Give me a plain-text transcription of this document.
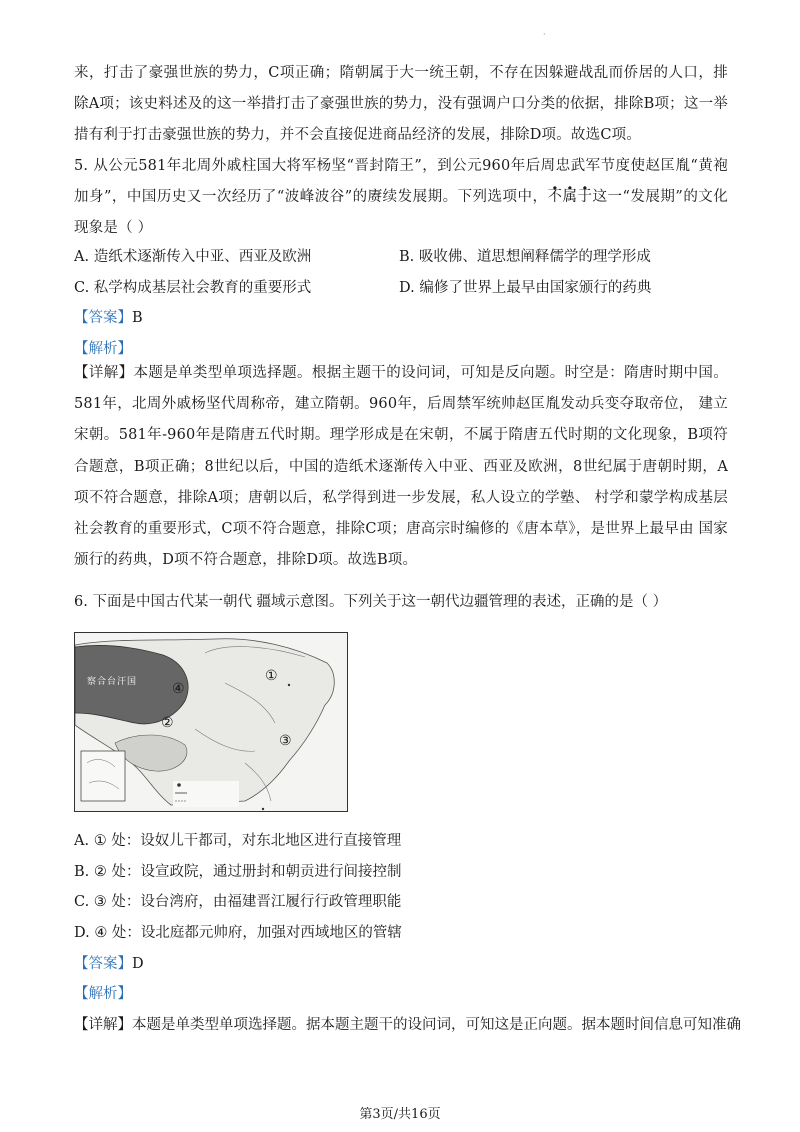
·

来，打击了豪强世族的势力，C项正确；隋朝属于大一统王朝，不存在因躲避战乱而侨居的人口，排除A项；该史料述及的这一举措打击了豪强世族的势力，没有强调户口分类的依据，排除B项；这一举措有利于打击豪强世族的势力，并不会直接促进商品经济的发展，排除D项。故选C项。

5. 从公元581年北周外戚柱国大将军杨坚“晋封隋王”，到公元960年后周忠武军节度使赵匡胤“黄袍加身”，中国历史又一次经历了“波峰波谷”的赓续发展期。下列选项中，不属于这一“发展期”的文化现象是（ ）

A. 造纸术逐渐传入中亚、西亚及欧洲	B. 吸收佛、道思想阐释儒学的理学形成
C. 私学构成基层社会教育的重要形式	D. 编修了世界上最早由国家颁行的药典
【答案】B
【解析】

【详解】本题是单类型单项选择题。根据主题干的设问词，可知是反向题。时空是：隋唐时期中国。581年，北周外戚杨坚代周称帝，建立隋朝。960年，后周禁军统帅赵匡胤发动兵变夺取帝位， 建立宋朝。581年-960年是隋唐五代时期。理学形成是在宋朝，不属于隋唐五代时期的文化现象，B项符合题意，B项正确；8世纪以后，中国的造纸术逐渐传入中亚、西亚及欧洲，8世纪属于唐朝时期，A项不符合题意，排除A项；唐朝以后，私学得到进一步发展，私人设立的学塾、 村学和蒙学构成基层社会教育的重要形式，C项不符合题意，排除C项；唐高宗时编修的《唐本草》，是世界上最早由 国家颁行的药典，D项不符合题意，排除D项。故选B项。

6. 下面是中国古代某一朝代 疆域示意图。下列关于这一朝代边疆管理的表述，正确的是（ ）
察合台汗国 ④
①
②
③
A. ① 处：设奴儿干都司，对东北地区进行直接管理
B. ② 处：设宣政院，通过册封和朝贡进行间接控制
C. ③ 处：设台湾府，由福建晋江履行行政管理职能
D. ④ 处：设北庭都元帅府，加强对西域地区的管辖
【答案】D
【解析】
【详解】本题是单类型单项选择题。据本题主题干的设问词，可知这是正向题。据本题时间信息可知准确
第3页/共16页
